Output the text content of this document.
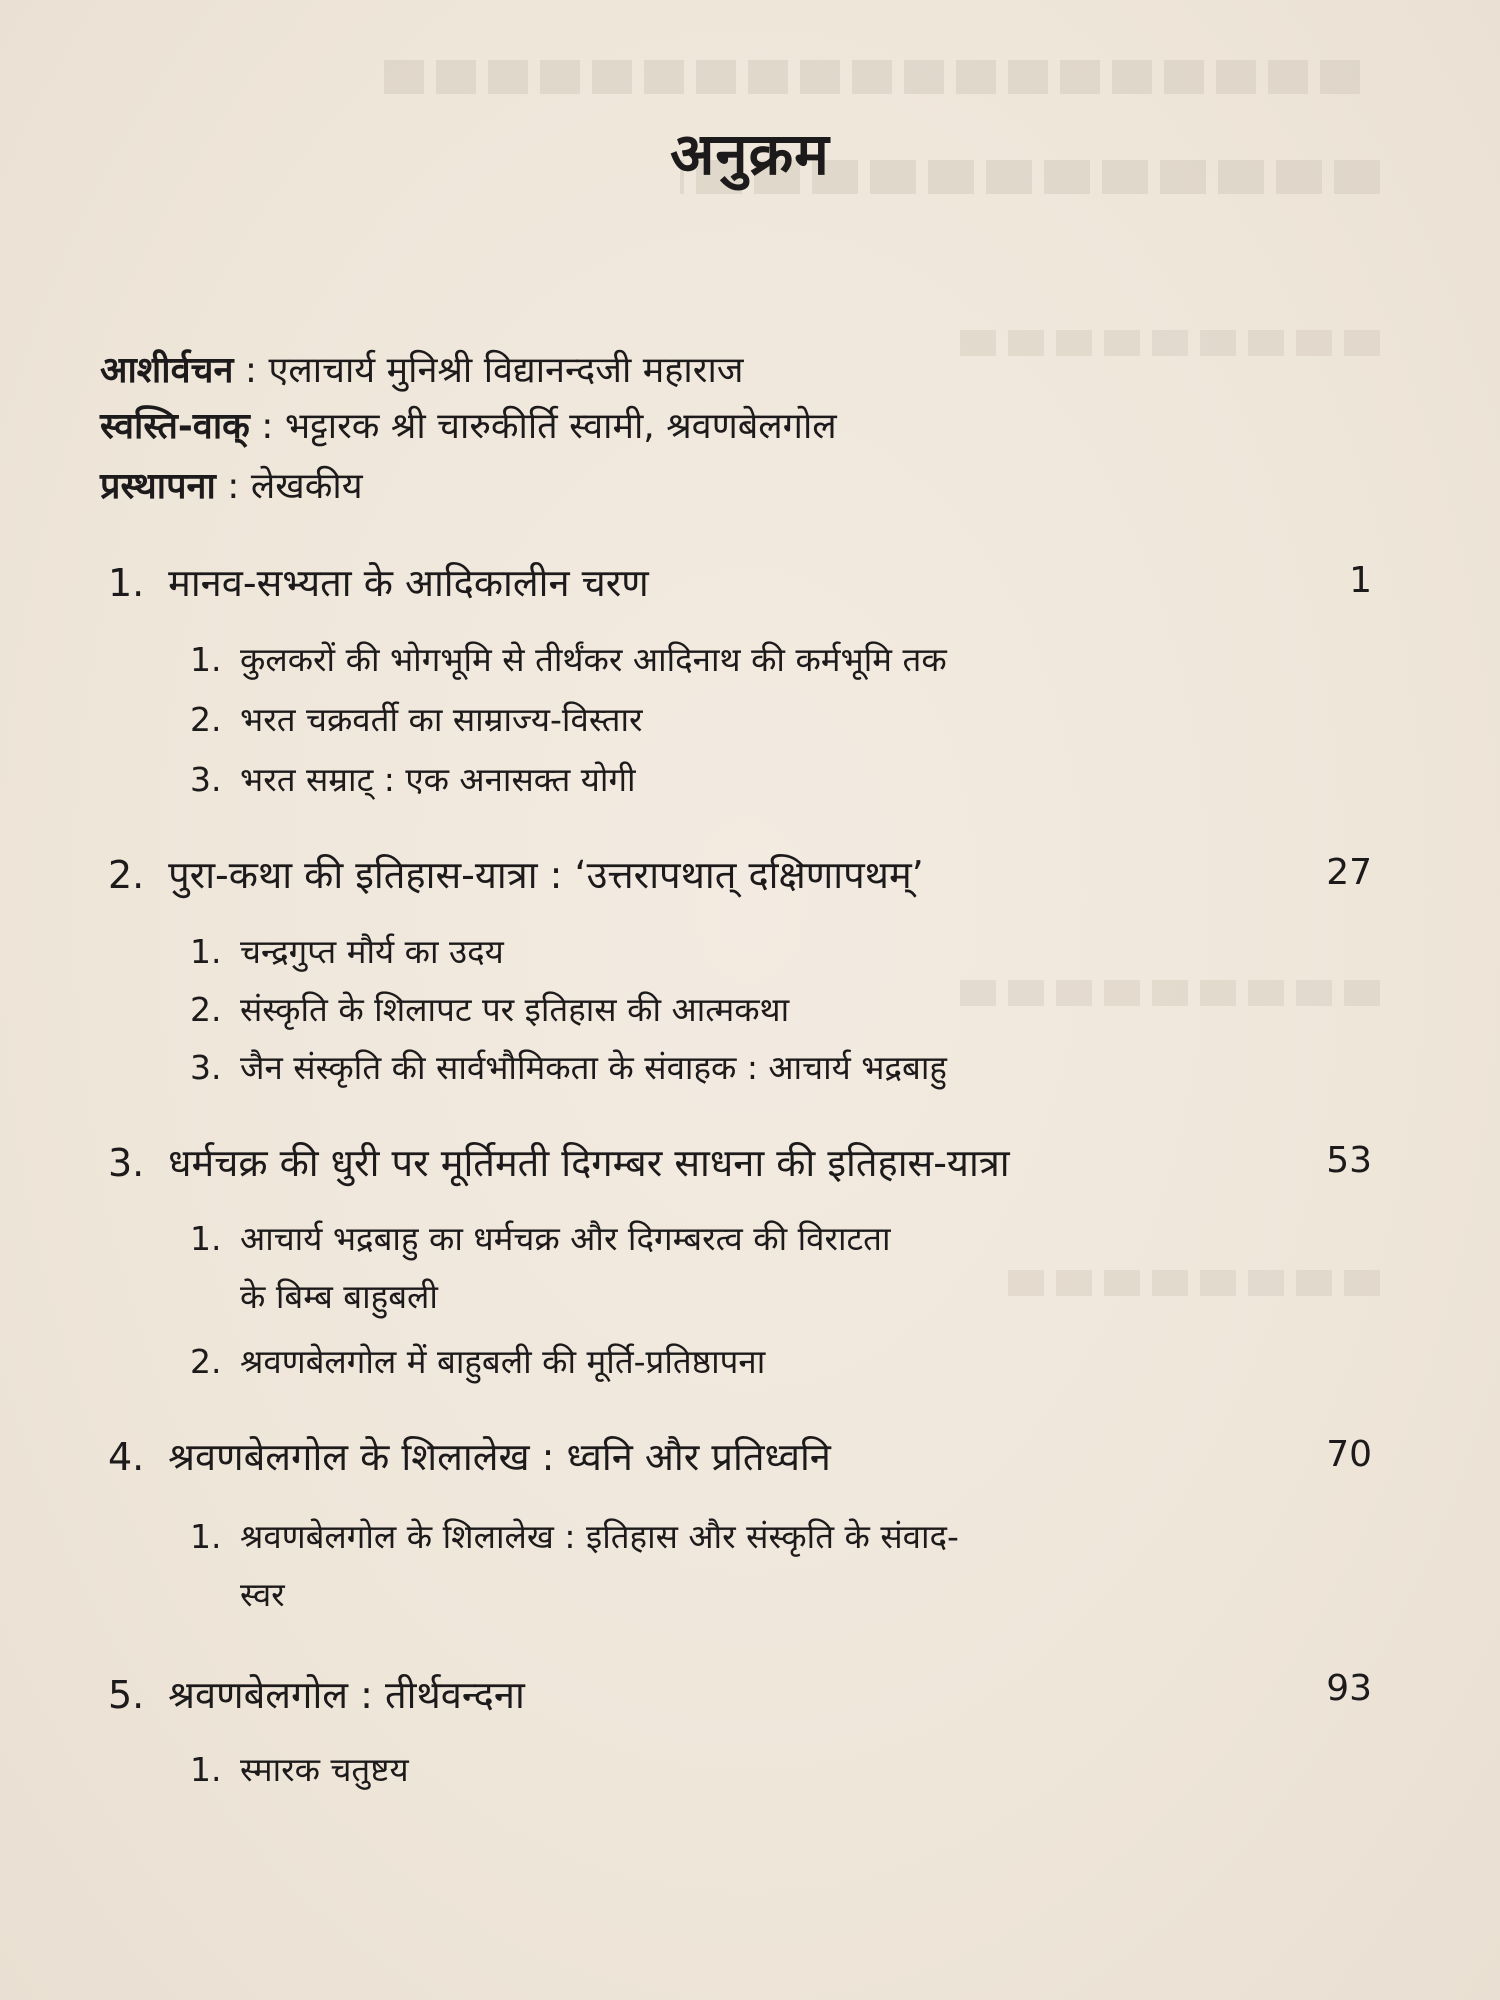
अनुक्रम
आशीर्वचन : एलाचार्य मुनिश्री विद्यानन्दजी महाराज
स्वस्ति-वाक् : भट्टारक श्री चारुकीर्ति स्वामी, श्रवणबेलगोल
प्रस्थापना : लेखकीय
1. मानव-सभ्यता के आदिकालीन चरण	1
1. कुलकरों की भोगभूमि से तीर्थंकर आदिनाथ की कर्मभूमि तक
2. भरत चक्रवर्ती का साम्राज्य-विस्तार
3. भरत सम्राट् : एक अनासक्त योगी
2. पुरा-कथा की इतिहास-यात्रा : ‘उत्तरापथात् दक्षिणापथम्’	27
1. चन्द्रगुप्त मौर्य का उदय
2. संस्कृति के शिलापट पर इतिहास की आत्मकथा
3. जैन संस्कृति की सार्वभौमिकता के संवाहक : आचार्य भद्रबाहु
3. धर्मचक्र की धुरी पर मूर्तिमती दिगम्बर साधना की इतिहास-यात्रा	53
1. आचार्य भद्रबाहु का धर्मचक्र और दिगम्बरत्व की विराटता
के बिम्ब बाहुबली
2. श्रवणबेलगोल में बाहुबली की मूर्ति-प्रतिष्ठापना
4. श्रवणबेलगोल के शिलालेख : ध्वनि और प्रतिध्वनि	70
1. श्रवणबेलगोल के शिलालेख : इतिहास और संस्कृति के संवाद-
स्वर
5. श्रवणबेलगोल : तीर्थवन्दना	93
1. स्मारक चतुष्टय
